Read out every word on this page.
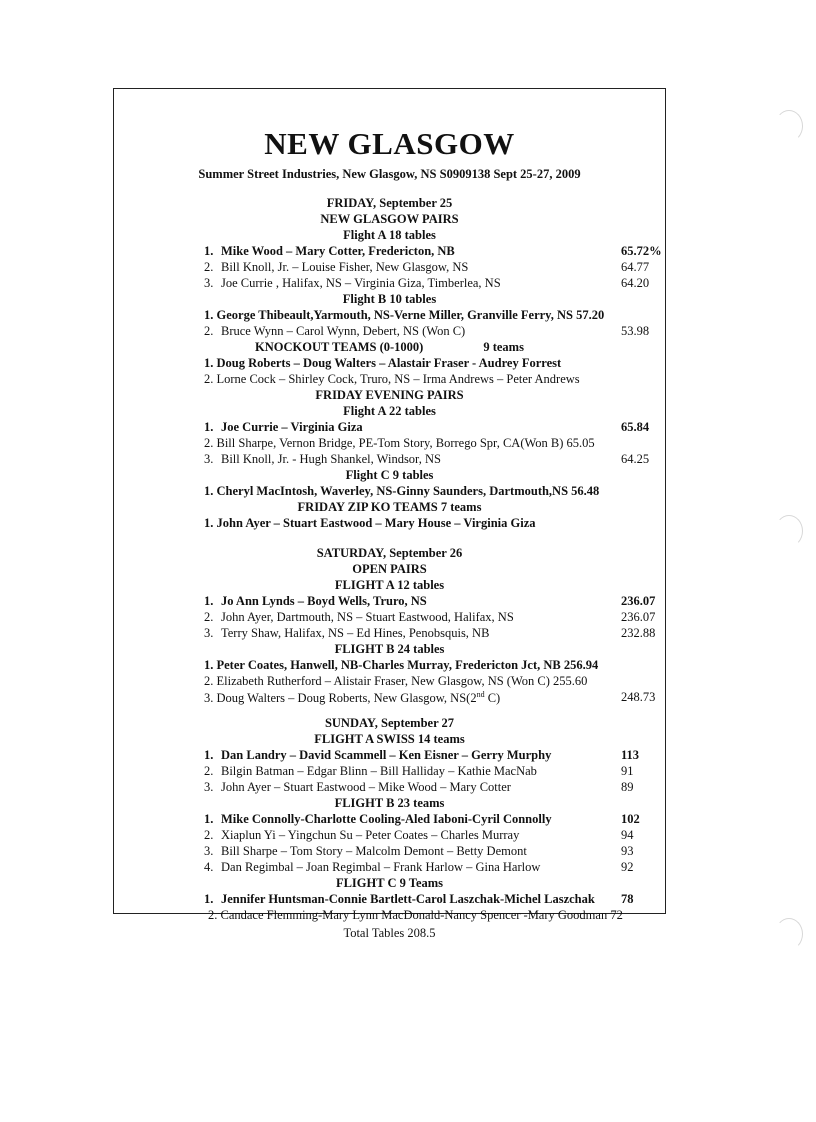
NEW GLASGOW
Summer Street Industries, New Glasgow, NS S0909138 Sept 25-27, 2009
FRIDAY, September 25
NEW GLASGOW PAIRS
Flight A 18 tables
1. Mike Wood – Mary Cotter, Fredericton, NB	65.72%
2. Bill Knoll, Jr. – Louise Fisher, New Glasgow, NS	64.77
3. Joe Currie , Halifax, NS – Virginia Giza, Timberlea, NS	64.20
Flight B 10 tables
1. George Thibeault,Yarmouth, NS-Verne Miller, Granville Ferry, NS 57.20
2. Bruce Wynn – Carol Wynn, Debert, NS (Won C)	53.98
KNOCKOUT TEAMS (0-1000)	9 teams
1. Doug Roberts – Doug Walters – Alastair Fraser - Audrey Forrest
2. Lorne Cock – Shirley Cock, Truro, NS – Irma Andrews – Peter Andrews
FRIDAY EVENING PAIRS
Flight A 22 tables
1. Joe Currie – Virginia Giza	65.84
2. Bill Sharpe, Vernon Bridge, PE-Tom Story, Borrego Spr, CA(Won B) 65.05
3. Bill Knoll, Jr. - Hugh Shankel, Windsor, NS	64.25
Flight C 9 tables
1. Cheryl MacIntosh, Waverley, NS-Ginny Saunders, Dartmouth,NS 56.48
FRIDAY ZIP KO TEAMS 7 teams
1. John Ayer – Stuart Eastwood – Mary House – Virginia Giza
SATURDAY, September 26
OPEN PAIRS
FLIGHT A 12 tables
1. Jo Ann Lynds – Boyd Wells, Truro, NS	236.07
2. John Ayer, Dartmouth, NS – Stuart Eastwood, Halifax, NS	236.07
3. Terry Shaw, Halifax, NS – Ed Hines, Penobsquis, NB	232.88
FLIGHT B 24 tables
1. Peter Coates, Hanwell, NB-Charles Murray, Fredericton Jct, NB 256.94
2. Elizabeth Rutherford – Alistair Fraser, New Glasgow, NS (Won C) 255.60
3. Doug Walters – Doug Roberts, New Glasgow, NS(2nd C)	248.73
SUNDAY, September 27
FLIGHT A SWISS 14 teams
1. Dan Landry – David Scammell – Ken Eisner – Gerry Murphy	113
2. Bilgin Batman – Edgar Blinn – Bill Halliday – Kathie MacNab	91
3. John Ayer – Stuart Eastwood – Mike Wood – Mary Cotter	89
FLIGHT B 23 teams
1. Mike Connolly-Charlotte Cooling-Aled Iaboni-Cyril Connolly	102
2. Xiaplun Yi – Yingchun Su – Peter Coates – Charles Murray	94
3. Bill Sharpe – Tom Story – Malcolm Demont – Betty Demont	93
4. Dan Regimbal – Joan Regimbal – Frank Harlow – Gina Harlow	92
FLIGHT C 9 Teams
1. Jennifer Huntsman-Connie Bartlett-Carol Laszchak-Michel Laszchak 78
2. Candace Flemming-Mary Lynn MacDonald-Nancy Spencer -Mary Goodman 72
Total Tables 208.5
